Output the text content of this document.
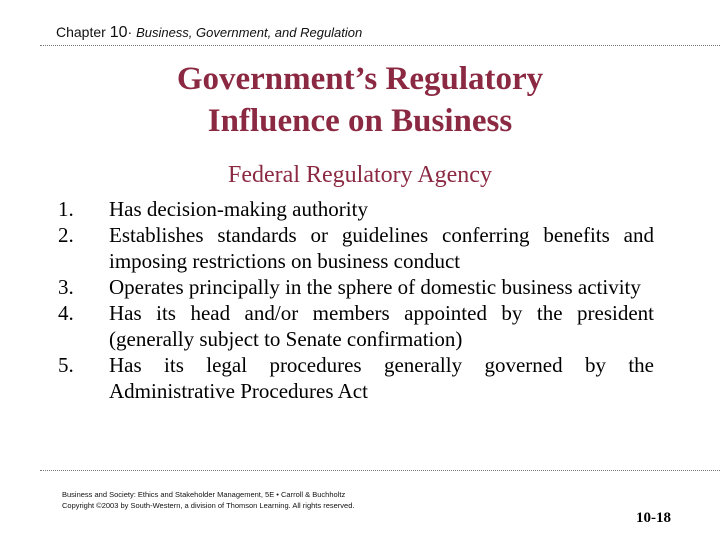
Chapter 10· Business, Government, and Regulation
Government’s Regulatory
Influence on Business
Federal Regulatory Agency
1.	Has decision-making authority
2.	Establishes standards or guidelines conferring benefits and imposing restrictions on business conduct
3.	Operates principally in the sphere of domestic business activity
4.	Has its head and/or members appointed by the president (generally subject to Senate confirmation)
5.	Has its legal procedures generally governed by the Administrative Procedures Act
Business and Society: Ethics and Stakeholder Management, 5E • Carroll & Buchholtz
Copyright ©2003 by South-Western, a division of Thomson Learning. All rights reserved.
10-18
